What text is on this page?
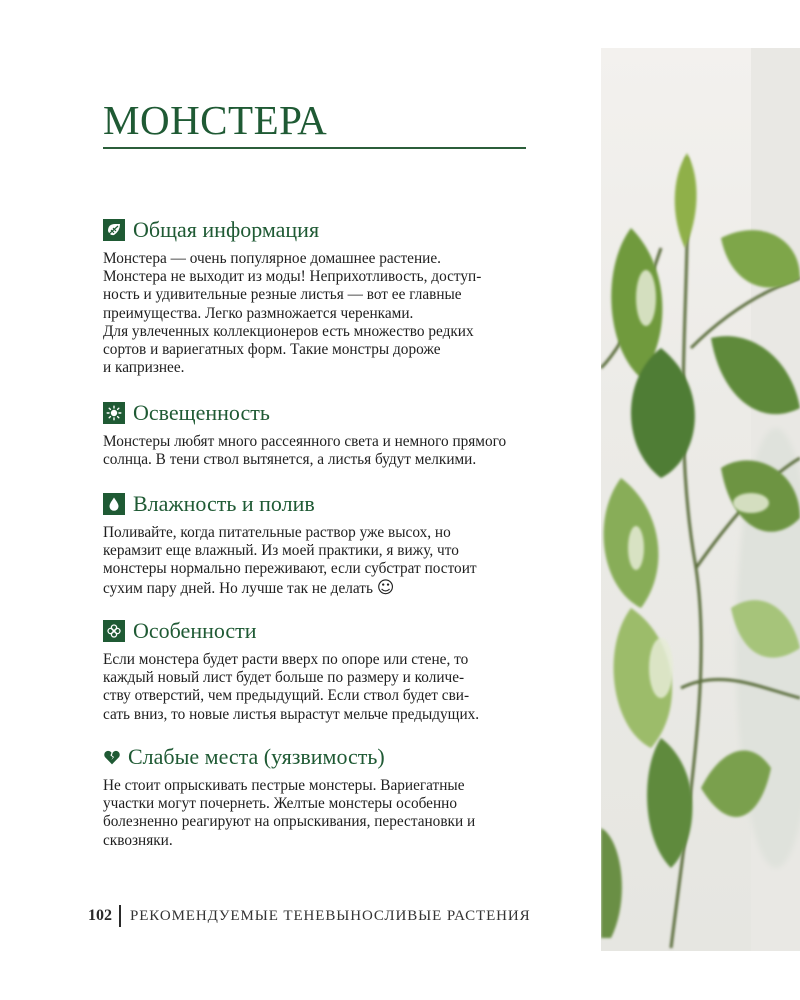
МОНСТЕРА
Общая информация

Монстера — очень популярное домашнее растение.

Монстера не выходит из моды! Неприхотливость, доступ-

ность и удивительные резные листья — вот ее главные

преимущества. Легко размножается черенками.

Для увлеченных коллекционеров есть множество редких

сортов и вариегатных форм. Такие монстры дороже

и капризнее.

Освещенность

Монстеры любят много рассеянного света и немного прямого

солнца. В тени ствол вытянется, а листья будут мелкими.

Влажность и полив

Поливайте, когда питательные раствор уже высох, но

керамзит еще влажный. Из моей практики, я вижу, что

монстеры нормально переживают, если субстрат постоит

сухим пару дней. Но лучше так не делать ☺

Особенности

Если монстера будет расти вверх по опоре или стене, то

каждый новый лист будет больше по размеру и количе-

ству отверстий, чем предыдущий. Если ствол будет сви-

сать вниз, то новые листья вырастут мельче предыдущих.

Слабые места (уязвимость)

Не стоит опрыскивать пестрые монстеры. Вариегатные

участки могут почернеть. Желтые монстеры особенно

болезненно реагируют на опрыскивания, перестановки и

сквозняки.

102 РЕКОМЕНДУЕМЫЕ ТЕНЕВЫНОСЛИВЫЕ РАСТЕНИЯ
